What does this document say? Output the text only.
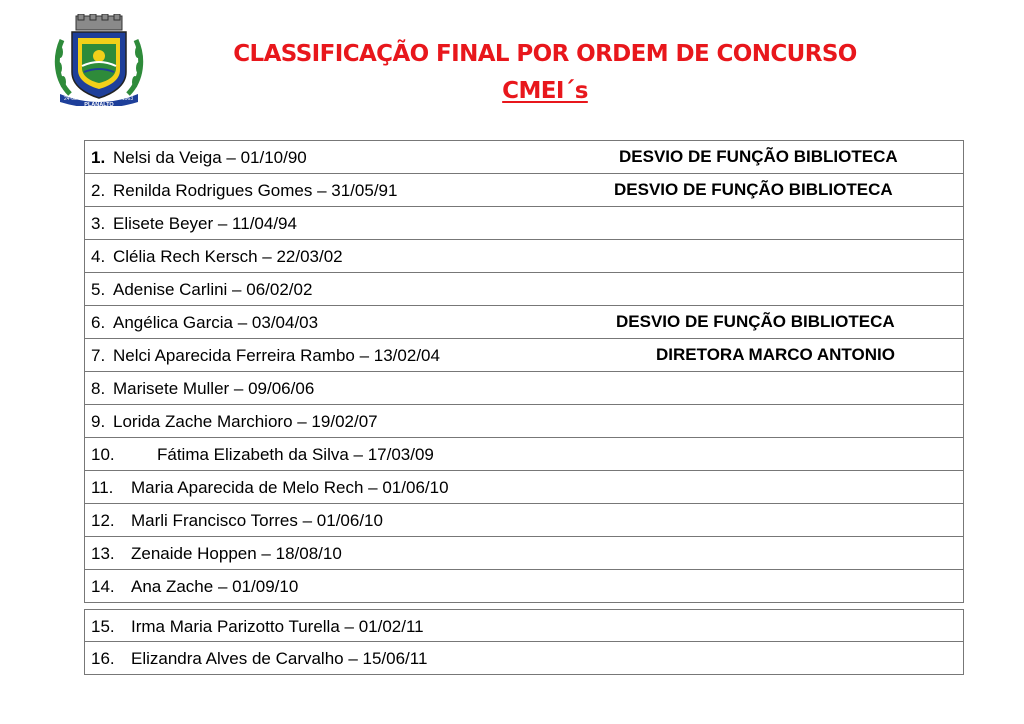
24·05
PLANALTO
1963
CLASSIFICAÇÃO FINAL POR ORDEM DE CONCURSO
CMEI´s
1. Nelsi da Veiga – 01/10/90	DESVIO DE FUNÇÃO BIBLIOTECA
2. Renilda Rodrigues Gomes – 31/05/91	DESVIO DE FUNÇÃO BIBLIOTECA
3. Elisete Beyer – 11/04/94
4. Clélia Rech Kersch – 22/03/02
5. Adenise Carlini – 06/02/02
6. Angélica Garcia – 03/04/03	DESVIO DE FUNÇÃO BIBLIOTECA
7. Nelci Aparecida Ferreira Rambo – 13/02/04	DIRETORA MARCO ANTONIO
8. Marisete Muller – 09/06/06
9. Lorida Zache Marchioro – 19/02/07
10. Fátima Elizabeth da Silva – 17/03/09
11. Maria Aparecida de Melo Rech – 01/06/10
12. Marli Francisco Torres – 01/06/10
13. Zenaide Hoppen – 18/08/10
14. Ana Zache – 01/09/10
15. Irma Maria Parizotto Turella – 01/02/11
16. Elizandra Alves de Carvalho – 15/06/11
